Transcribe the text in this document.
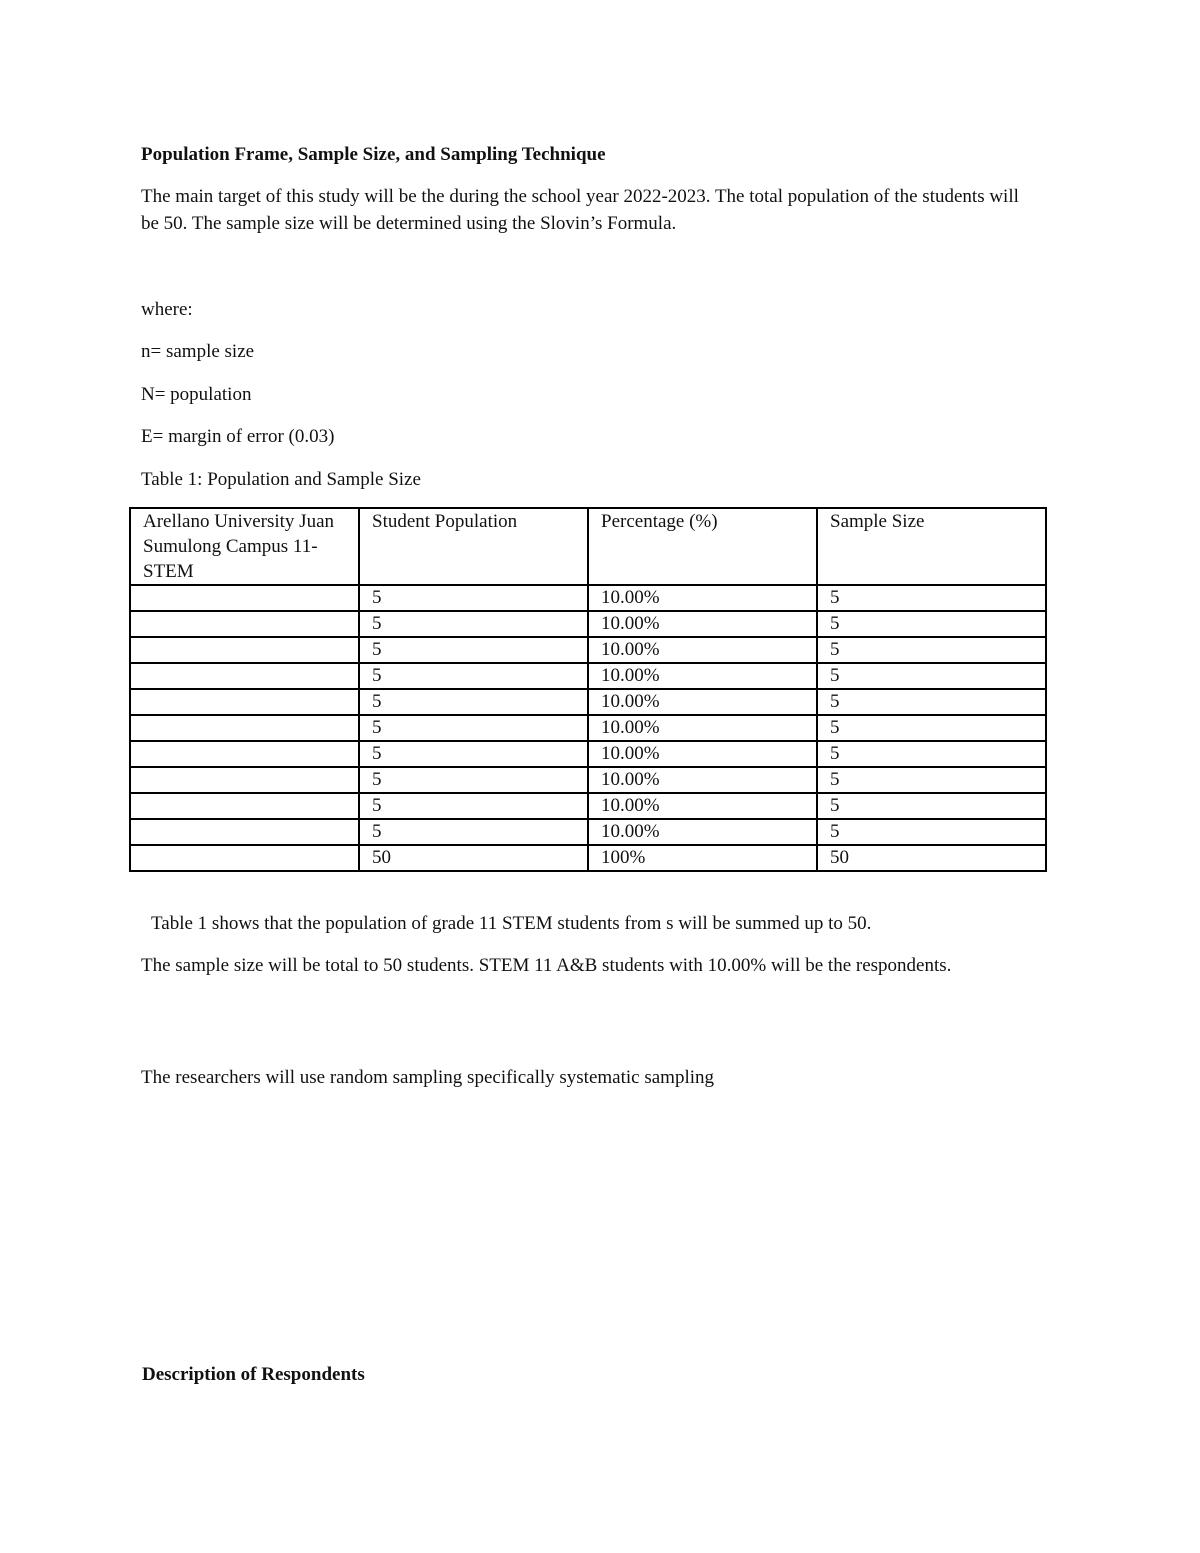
Population Frame, Sample Size, and Sampling Technique
The main target of this study will be the during the school year 2022-2023. The total population of the students will be 50. The sample size will be determined using the Slovin’s Formula.
where:
n= sample size
N= population
E= margin of error (0.03)
Table 1: Population and Sample Size
Arellano University Juan Sumulong Campus 11- STEM	Student Population	Percentage (%)	Sample Size
	5	10.00%	5
	5	10.00%	5
	5	10.00%	5
	5	10.00%	5
	5	10.00%	5
	5	10.00%	5
	5	10.00%	5
	5	10.00%	5
	5	10.00%	5
	5	10.00%	5
	50	100%	50
Table 1 shows that the population of grade 11 STEM students from s will be summed up to 50.
The sample size will be total to 50 students. STEM 11 A&B students with 10.00% will be the respondents.
The researchers will use random sampling specifically systematic sampling
Description of Respondents
